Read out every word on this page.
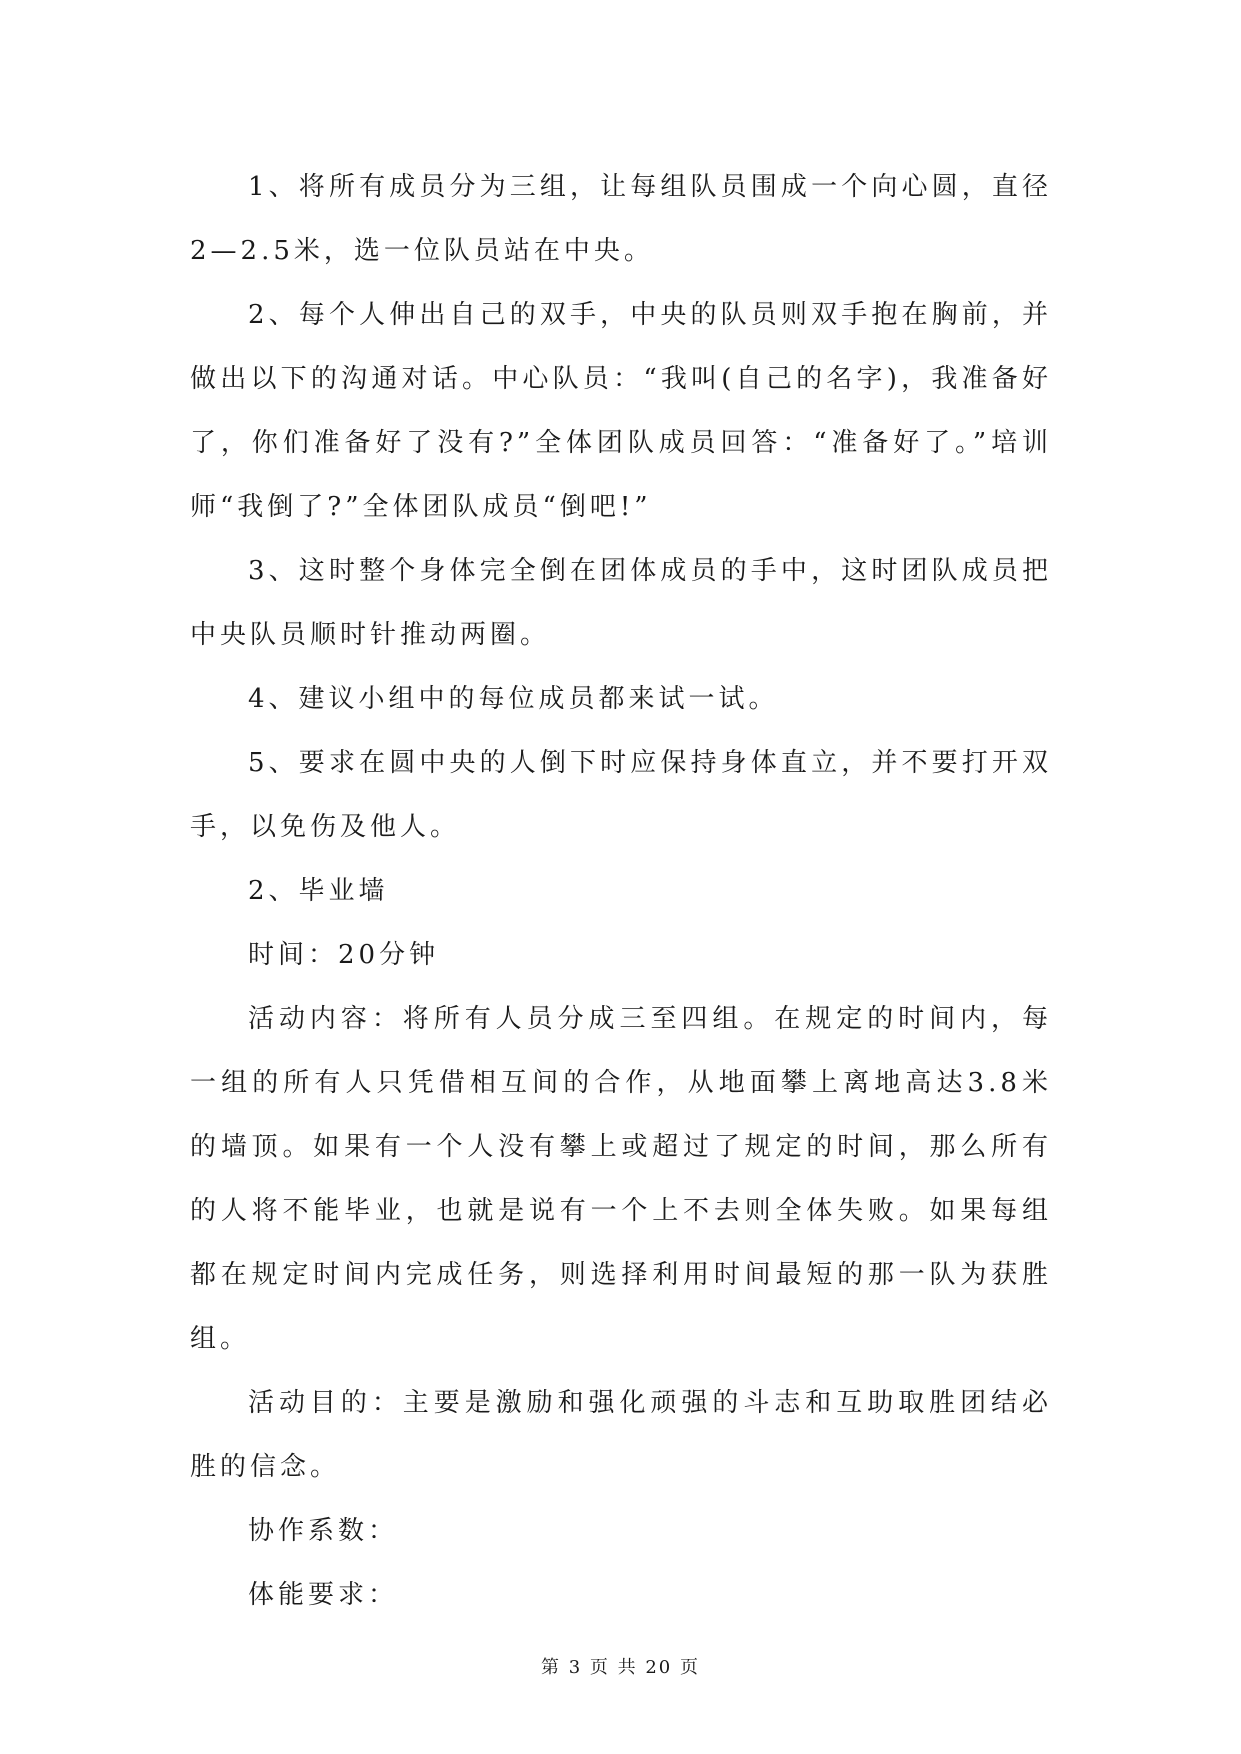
1、将所有成员分为三组，让每组队员围成一个向心圆，直径2—2.5米，选一位队员站在中央。

2、每个人伸出自己的双手，中央的队员则双手抱在胸前，并做出以下的沟通对话。中心队员：“我叫(自己的名字)，我准备好了，你们准备好了没有?”全体团队成员回答：“准备好了。”培训师“我倒了?”全体团队成员“倒吧!”

3、这时整个身体完全倒在团体成员的手中，这时团队成员把中央队员顺时针推动两圈。

4、建议小组中的每位成员都来试一试。

5、要求在圆中央的人倒下时应保持身体直立，并不要打开双手，以免伤及他人。

2、毕业墙

时间：20分钟

活动内容：将所有人员分成三至四组。在规定的时间内，每一组的所有人只凭借相互间的合作，从地面攀上离地高达3.8米的墙顶。如果有一个人没有攀上或超过了规定的时间，那么所有的人将不能毕业，也就是说有一个上不去则全体失败。如果每组都在规定时间内完成任务，则选择利用时间最短的那一队为获胜组。

活动目的：主要是激励和强化顽强的斗志和互助取胜团结必胜的信念。

协作系数：

体能要求：

第 3 页 共 20 页
